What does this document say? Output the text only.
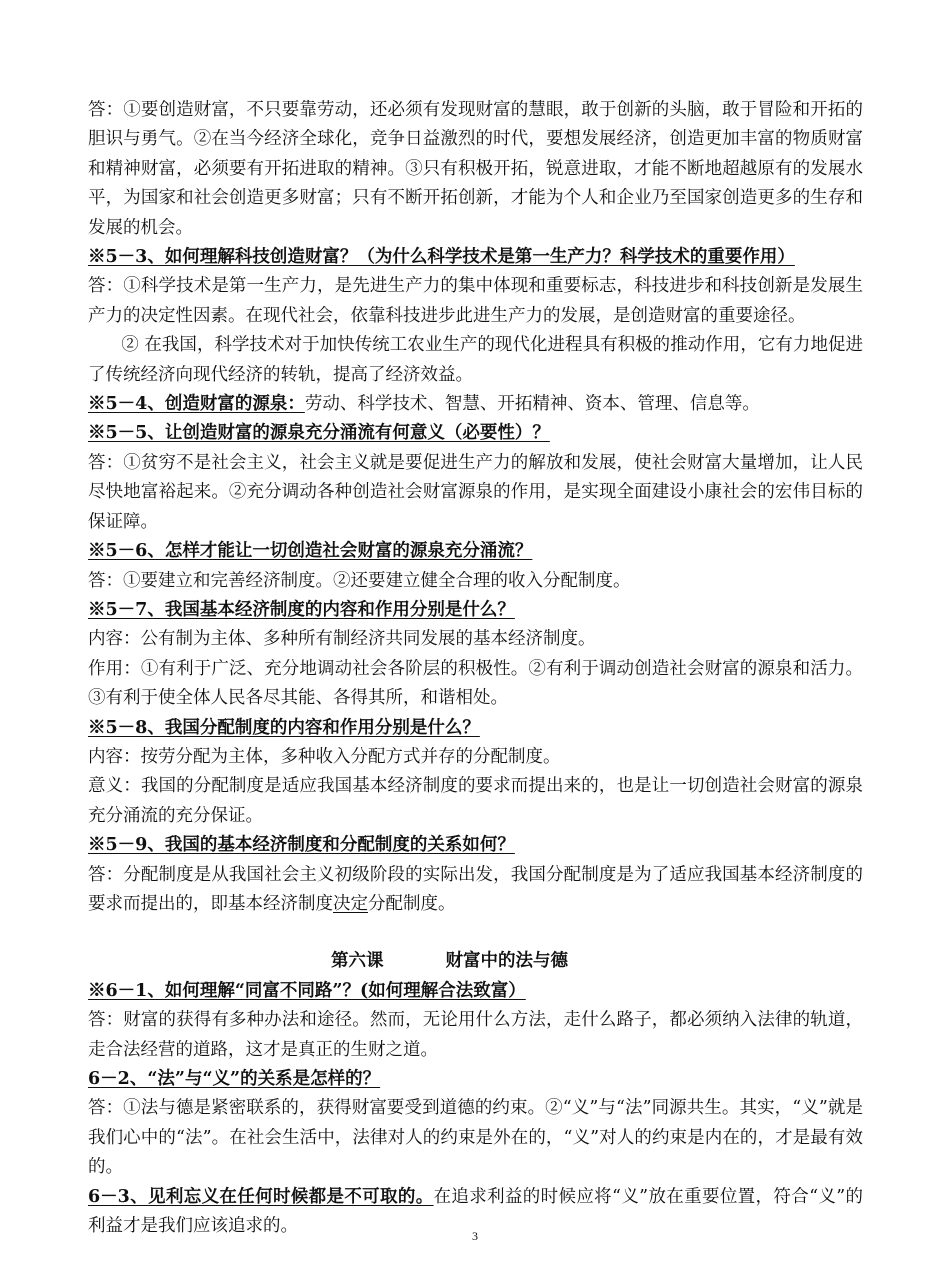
答：①要创造财富，不只要靠劳动，还必须有发现财富的慧眼，敢于创新的头脑，敢于冒险和开拓的胆识与勇气。②在当今经济全球化，竞争日益激烈的时代，要想发展经济，创造更加丰富的物质财富和精神财富，必须要有开拓进取的精神。③只有积极开拓，锐意进取，才能不断地超越原有的发展水平，为国家和社会创造更多财富；只有不断开拓创新，才能为个人和企业乃至国家创造更多的生存和发展的机会。

※5－3、如何理解科技创造财富？（为什么科学技术是第一生产力？科学技术的重要作用）

答：①科学技术是第一生产力，是先进生产力的集中体现和重要标志，科技进步和科技创新是发展生产力的决定性因素。在现代社会，依靠科技进步此进生产力的发展，是创造财富的重要途径。

② 在我国，科学技术对于加快传统工农业生产的现代化进程具有积极的推动作用，它有力地促进了传统经济向现代经济的转轨，提高了经济效益。

※5－4、创造财富的源泉：劳动、科学技术、智慧、开拓精神、资本、管理、信息等。

※5－5、让创造财富的源泉充分涌流有何意义（必要性）？

答：①贫穷不是社会主义，社会主义就是要促进生产力的解放和发展，使社会财富大量增加，让人民尽快地富裕起来。②充分调动各种创造社会财富源泉的作用，是实现全面建设小康社会的宏伟目标的保证障。

※5－6、怎样才能让一切创造社会财富的源泉充分涌流？

答：①要建立和完善经济制度。②还要建立健全合理的收入分配制度。

※5－7、我国基本经济制度的内容和作用分别是什么？

内容：公有制为主体、多种所有制经济共同发展的基本经济制度。

作用：①有利于广泛、充分地调动社会各阶层的积极性。②有利于调动创造社会财富的源泉和活力。③有利于使全体人民各尽其能、各得其所，和谐相处。

※5－8、我国分配制度的内容和作用分别是什么？

内容：按劳分配为主体，多种收入分配方式并存的分配制度。

意义：我国的分配制度是适应我国基本经济制度的要求而提出来的，也是让一切创造社会财富的源泉充分涌流的充分保证。

※5－9、我国的基本经济制度和分配制度的关系如何？

答：分配制度是从我国社会主义初级阶段的实际出发，我国分配制度是为了适应我国基本经济制度的要求而提出的，即基本经济制度决定分配制度。

第六课	财富中的法与德

※6－1、如何理解“同富不同路”？(如何理解合法致富）

答：财富的获得有多种办法和途径。然而，无论用什么方法，走什么路子，都必须纳入法律的轨道，走合法经营的道路，这才是真正的生财之道。

6－2、“法”与“义”的关系是怎样的？

答：①法与德是紧密联系的，获得财富要受到道德的约束。②“义”与“法”同源共生。其实，“义”就是我们心中的“法”。在社会生活中，法律对人的约束是外在的，“义”对人的约束是内在的，才是最有效的。

6－3、见利忘义在任何时候都是不可取的。在追求利益的时候应将“义”放在重要位置，符合“义”的利益才是我们应该追求的。	3
